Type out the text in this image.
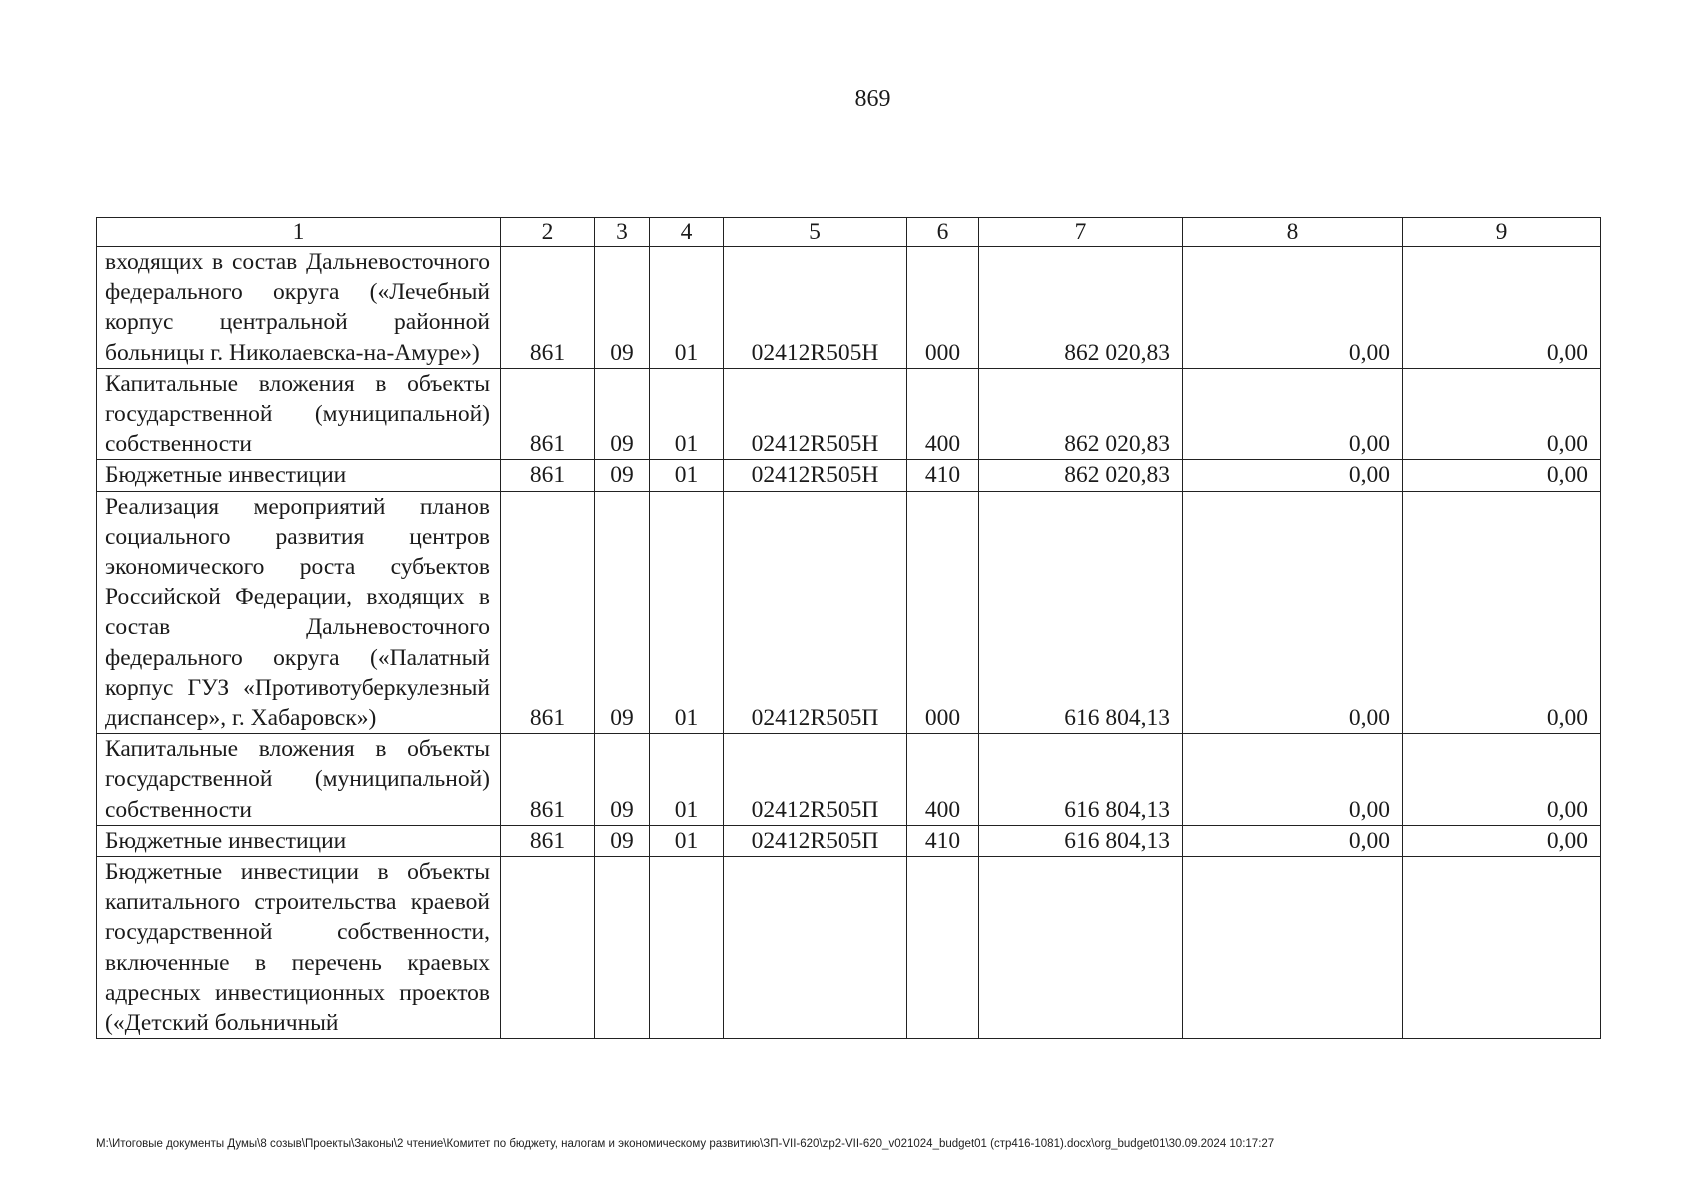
869
1	2	3	4	5	6	7	8	9
входящих в состав Дальневосточного федерального округа («Лечебный корпус центральной районной больницы г. Николаевска-на-Амуре»)	861	09	01	02412R505Н	000	862 020,83	0,00	0,00
Капитальные вложения в объекты государственной (муниципальной) собственности	861	09	01	02412R505Н	400	862 020,83	0,00	0,00
Бюджетные инвестиции	861	09	01	02412R505Н	410	862 020,83	0,00	0,00
Реализация мероприятий планов социального развития центров экономического роста субъектов Российской Федерации, входящих в состав Дальневосточного федерального округа («Палатный корпус ГУЗ «Противотуберкулезный диспансер», г. Хабаровск»)	861	09	01	02412R505П	000	616 804,13	0,00	0,00
Капитальные вложения в объекты государственной (муниципальной) собственности	861	09	01	02412R505П	400	616 804,13	0,00	0,00
Бюджетные инвестиции	861	09	01	02412R505П	410	616 804,13	0,00	0,00
Бюджетные инвестиции в объекты капитального строительства краевой государственной собственности, включенные в перечень краевых адресных инвестиционных проектов («Детский больничный								
M:\Итоговые документы Думы\8 созыв\Проекты\Законы\2 чтение\Комитет по бюджету, налогам и экономическому развитию\ЗП-VII-620\zp2-VII-620_v021024_budget01 (стр416-1081).docx\org_budget01\30.09.2024 10:17:27
